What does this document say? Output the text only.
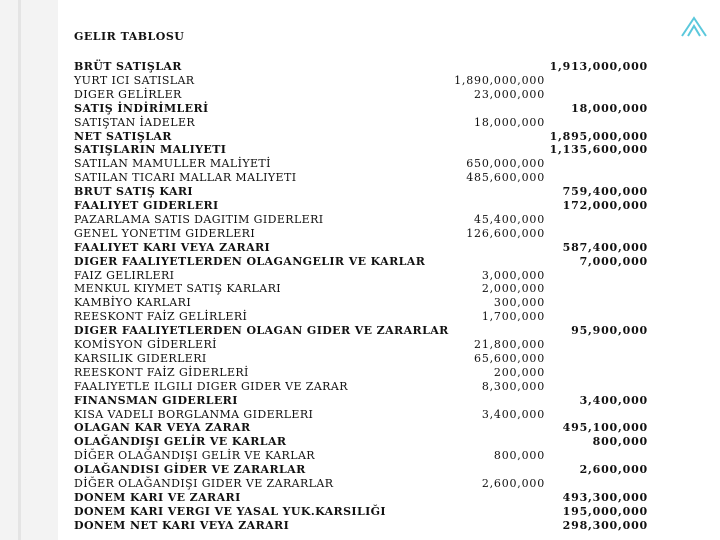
GELIR TABLOSU
BRÜT SATIŞLAR	1,913,000,000
YURT ICI SATISLAR	1,890,000,000
DIGER GELİRLER	23,000,000
SATIŞ İNDİRİMLERİ	18,000,000
SATIŞTAN İADELER	18,000,000
NET SATIŞLAR	1,895,000,000
SATIŞLARIN MALIYETI	1,135,600,000
SATILAN MAMULLER MALİYETİ	650,000,000
SATILAN TICARI MALLAR MALIYETI	485,600,000
BRUT SATIŞ KARI	759,400,000
FAALIYET GIDERLERI	172,000,000
PAZARLAMA SATIS DAGITIM GIDERLERI	45,400,000
GENEL YONETIM GIDERLERI	126,600,000
FAALIYET KARI VEYA ZARARI	587,400,000
DIGER FAALIYETLERDEN OLAGANGELIR VE KARLAR	7,000,000
FAIZ GELIRLERI	3,000,000
MENKUL KIYMET SATIŞ KARLARI	2,000,000
KAMBİYO KARLARI	300,000
REESKONT FAİZ GELİRLERİ	1,700,000
DIGER FAALIYETLERDEN OLAGAN GIDER VE ZARARLAR	95,900,000
KOMİSYON GİDERLERİ	21,800,000
KARSILIK GIDERLERI	65,600,000
REESKONT FAİZ GİDERLERİ	200,000
FAALIYETLE ILGILI DIGER GIDER VE ZARAR	8,300,000
FINANSMAN GIDERLERI	3,400,000
KISA VADELI BORGLANMA GIDERLERI	3,400,000
OLAGAN KAR VEYA ZARAR	495,100,000
OLAĞANDIŞI GELİR VE KARLAR	800,000
DİĞER OLAĞANDIŞI GELİR VE KARLAR	800,000
OLAĞANDISI GİDER VE ZARARLAR	2,600,000
DİĞER OLAĞANDIŞI GIDER VE ZARARLAR	2,600,000
DONEM KARI VE ZARARI	493,300,000
DONEM KARI VERGI VE YASAL YUK.KARSILIĞI	195,000,000
DONEM NET KARI VEYA ZARARI	298,300,000
